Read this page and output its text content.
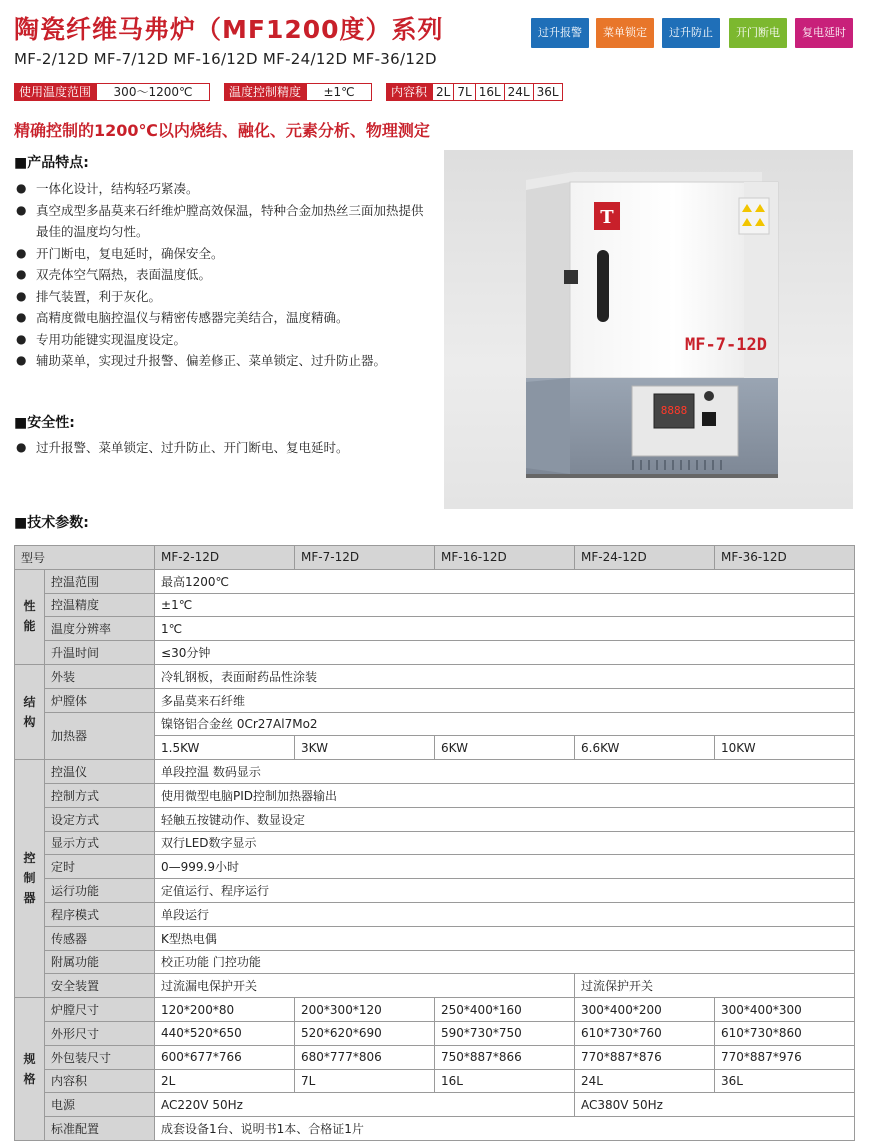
陶瓷纤维马弗炉（MF1200度）系列	过升报警	菜单锁定	过升防止	开门断电	复电延时
MF-2/12D MF-7/12D MF-16/12D MF-24/12D MF-36/12D
使用温度范围	300～1200℃	温度控制精度	±1℃	内容积 2L 7L 16L 24L 36L
精确控制的1200℃以内烧结、融化、元素分析、物理测定
■产品特点:
● 一体化设计，结构轻巧紧凑。
● 真空成型多晶莫来石纤维炉膛高效保温，特种合金加热丝三面加热提供最佳的温度均匀性。
● 开门断电，复电延时，确保安全。
● 双壳体空气隔热，表面温度低。
● 排气装置，利于灰化。
● 高精度微电脑控温仪与精密传感器完美结合，温度精确。
● 专用功能键实现温度设定。
● 辅助菜单，实现过升报警、偏差修正、菜单锁定、过升防止器。
■安全性:
● 过升报警、菜单锁定、过升防止、开门断电、复电延时。
T
MF-7-12D
8888
■技术参数:
型号		MF-2-12D	MF-7-12D	MF-16-12D	MF-24-12D	MF-36-12D
性能	控温范围	最高1200℃				
	控温精度	±1℃				
	温度分辨率	1℃				
	升温时间	≤30分钟				
结构	外装	冷轧钢板，表面耐药品性涂装				
	炉膛体	多晶莫来石纤维				
	加热器	镍铬铝合金丝 0Cr27Al7Mo2				
		1.5KW	3KW	6KW	6.6KW	10KW
控制器	控温仪	单段控温 数码显示				
	控制方式	使用微型电脑PID控制加热器输出				
	设定方式	轻触五按键动作、数显设定				
	显示方式	双行LED数字显示				
	定时	0—999.9小时				
	运行功能	定值运行、程序运行				
	程序模式	单段运行				
	传感器	K型热电偶				
	附属功能	校正功能 门控功能				
	安全装置	过流漏电保护开关			过流保护开关	
规格	炉膛尺寸	120*200*80	200*300*120	250*400*160	300*400*200	300*400*300
	外形尺寸	440*520*650	520*620*690	590*730*750	610*730*760	610*730*860
	外包装尺寸	600*677*766	680*777*806	750*887*866	770*887*876	770*887*976
	内容积	2L	7L	16L	24L	36L
	电源	AC220V 50Hz			AC380V 50Hz	
	标准配置	成套设备1台、说明书1本、合格证1片				
